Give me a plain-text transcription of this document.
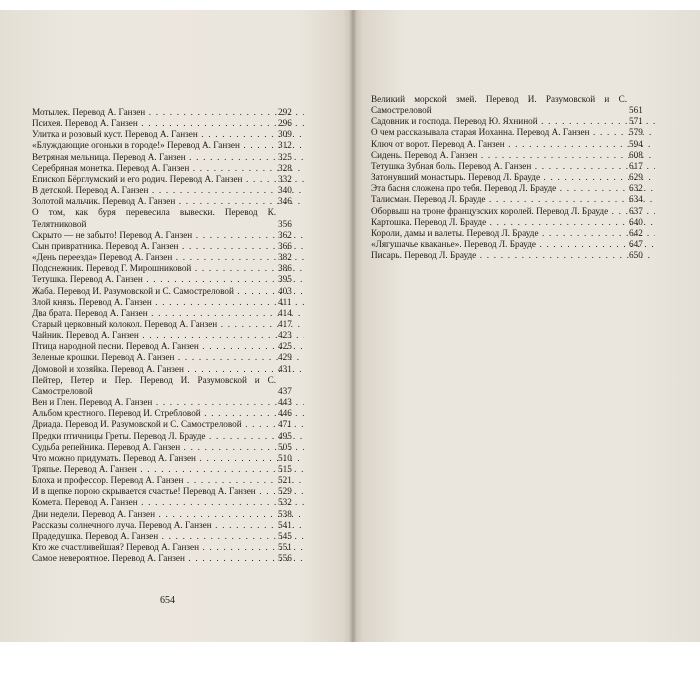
Мотылек. Перевод А. Ганзен . . .	292
Психея. Перевод А. Ганзен . . .	296
Улитка и розовый куст. Перевод А. Ганзен . . .	309
«Блуждающие огоньки в городе!» Перевод А. Ганзен . . .	312
Ветряная мельница. Перевод А. Ганзен . . .	325
Серебряная монетка. Перевод А. Ганзен . . .	328
Епископ Бёрглумский и его родич. Перевод А. Ганзен . . .	332
В детской. Перевод А. Ганзен . . .	340
Золотой мальчик. Перевод А. Ганзен . . .	346
О том, как буря перевесила вывески. Перевод К. Телятниковой	356
Скрыто — не забыто! Перевод А. Ганзен . . .	362
Сын привратника. Перевод А. Ганзен . . .	366
«День переезда» Перевод А. Ганзен . . .	382
Подснежник. Перевод Г. Мирошниковой . . .	386
Тетушка. Перевод А. Ганзен . . .	395
Жаба. Перевод И. Разумовской и С. Самостреловой . . .	403
Злой князь. Перевод А. Ганзен . . .	411
Два брата. Перевод А. Ганзен . . .	414
Старый церковный колокол. Перевод А. Ганзен . . .	417
Чайник. Перевод А. Ганзен . . .	423
Птица народной песни. Перевод А. Ганзен . . .	425
Зеленые крошки. Перевод А. Ганзен . . .	429
Домовой и хозяйка. Перевод А. Ганзен . . .	431
Пейтер, Петер и Пер. Перевод И. Разумовской и С. Самостреловой	437
Вен и Глен. Перевод А. Ганзен . . .	443
Альбом крестного. Перевод И. Стребловой . . .	446
Дриада. Перевод И. Разумовской и С. Самостреловой . . .	471
Предки птичницы Греты. Перевод Л. Брауде . . .	495
Судьба репейника. Перевод А. Ганзен . . .	505
Что можно придумать. Перевод А. Ганзен . . .	510
Тряпье. Перевод А. Ганзен . . .	515
Блоха и профессор. Перевод А. Ганзен . . .	521
И в щепке порою скрывается счастье! Перевод А. Ганзен . . . 529
Комета. Перевод А. Ганзен . . .	532
Дни недели. Перевод А. Ганзен . . .	538
Рассказы солнечного луча. Перевод А. Ганзен . . .	541
Прадедушка. Перевод А. Ганзен . . .	545
Кто же счастливейшая? Перевод А. Ганзен . . .	551
Самое невероятное. Перевод А. Ганзен . . .	556
Великий морской змей. Перевод И. Разумовской и С. Самостреловой	561
Садовник и господа. Перевод Ю. Яхниной . . .	571
О чем рассказывала старая Иоханна. Перевод А. Ганзен . . .	579
Ключ от ворот. Перевод А. Ганзен . . .	594
Сидень. Перевод А. Ганзен . . .	608
Тетушка Зубная боль. Перевод А. Ганзен . . .	617
Затонувший монастырь. Перевод Л. Брауде . . .	629
Эта басня сложена про тебя. Перевод Л. Брауде . . .	632
Талисман. Перевод Л. Брауде . . .	634
Оборвыш на троне французских королей. Перевод Л. Брауде . . . 637
Картошка. Перевод Л. Брауде . . .	640
Короли, дамы и валеты. Перевод Л. Брауде . . .	642
«Лягушачье кваканье». Перевод Л. Брауде . . .	647
Писарь. Перевод Л. Брауде . . .	650
654
